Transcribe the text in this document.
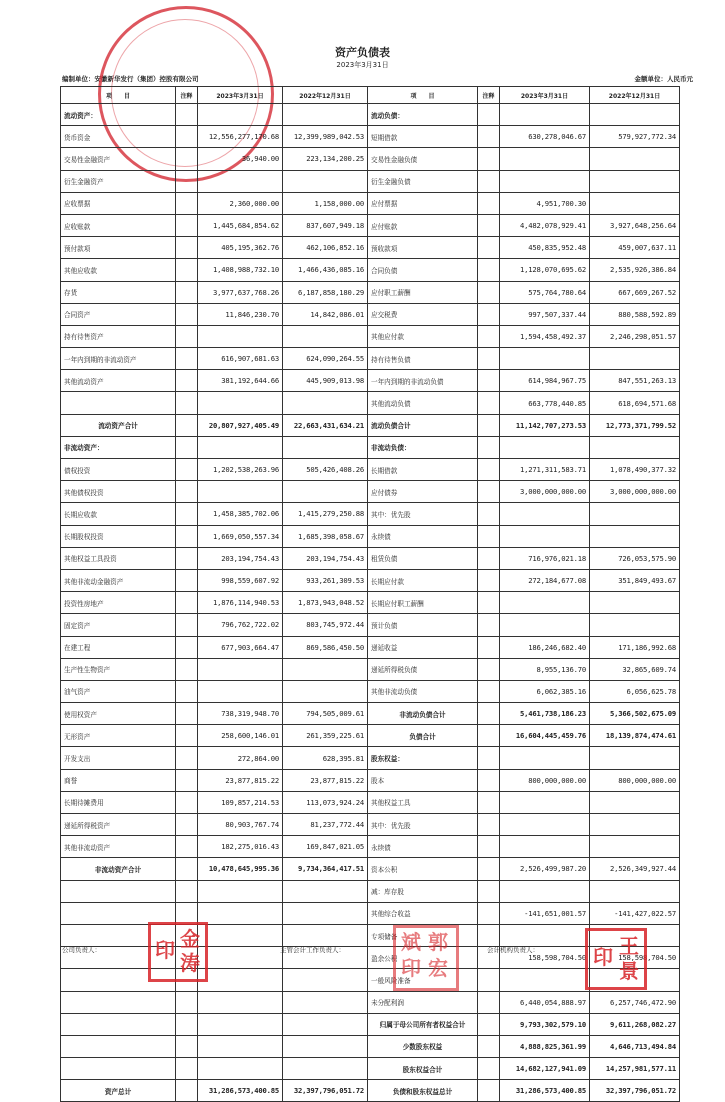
资产负债表
2023年3月31日
编制单位：安徽新华发行（集团）控股有限公司	金额单位：人民币元
项　　目	注释	2023年3月31日	2022年12月31日	项　　目	注释	2023年3月31日	2022年12月31日
流动资产：				流动负债：			
货币资金		12,556,277,170.68	12,399,989,042.53	短期借款		630,278,046.67	579,927,772.34
交易性金融资产		36,940.00	223,134,200.25	交易性金融负债			
衍生金融资产				衍生金融负债			
应收票据		2,360,000.00	1,158,000.00	应付票据		4,951,700.30	
应收账款		1,445,684,854.62	837,607,949.18	应付账款		4,482,078,929.41	3,927,648,256.64
预付款项		405,195,362.76	462,106,852.16	预收款项		450,835,952.48	459,007,637.11
其他应收款		1,408,988,732.10	1,466,436,085.16	合同负债		1,128,070,695.62	2,535,926,386.84
存货		3,977,637,768.26	6,187,858,180.29	应付职工薪酬		575,764,780.64	667,669,267.52
合同资产		11,846,230.70	14,842,086.01	应交税费		997,507,337.44	880,588,592.89
持有待售资产				其他应付款		1,594,458,492.37	2,246,298,051.57
一年内到期的非流动资产		616,907,681.63	624,090,264.55	持有待售负债			
其他流动资产		381,192,644.66	445,909,013.98	一年内到期的非流动负债		614,984,967.75	847,551,263.13
				其他流动负债		663,778,440.85	618,694,571.68
流动资产合计		20,807,927,405.49	22,663,431,634.21	流动负债合计		11,142,707,273.53	12,773,371,799.52
非流动资产：				非流动负债：			
债权投资		1,202,538,263.96	505,426,408.26	长期借款		1,271,311,583.71	1,078,490,377.32
其他债权投资				应付债券		3,000,000,000.00	3,000,000,000.00
长期应收款		1,458,385,702.06	1,415,279,250.88	其中：优先股			
长期股权投资		1,669,050,557.34	1,685,398,058.67	永续债			
其他权益工具投资		203,194,754.43	203,194,754.43	租赁负债		716,976,021.18	726,053,575.90
其他非流动金融资产		998,559,607.92	933,261,309.53	长期应付款		272,184,677.08	351,849,493.67
投资性房地产		1,876,114,940.53	1,873,943,048.52	长期应付职工薪酬			
固定资产		796,762,722.02	803,745,972.44	预计负债			
在建工程		677,903,664.47	869,586,450.50	递延收益		186,246,682.40	171,186,992.68
生产性生物资产				递延所得税负债		8,955,136.70	32,865,609.74
油气资产				其他非流动负债		6,062,385.16	6,056,625.78
使用权资产		738,319,948.70	794,505,009.61	非流动负债合计		5,461,738,186.23	5,366,502,675.09
无形资产		258,600,146.01	261,359,225.61	负债合计		16,604,445,459.76	18,139,874,474.61
开发支出		272,864.00	628,395.81	股东权益：			
商誉		23,877,815.22	23,877,815.22	股本		800,000,000.00	800,000,000.00
长期待摊费用		109,857,214.53	113,073,924.24	其他权益工具			
递延所得税资产		80,903,767.74	81,237,772.44	其中：优先股			
其他非流动资产		182,275,016.43	169,847,021.05	永续债			
非流动资产合计		10,478,645,995.36	9,734,364,417.51	资本公积		2,526,499,987.20	2,526,349,927.44
				减：库存股			
				其他综合收益		-141,651,001.57	-141,427,022.57
				专项储备			
				盈余公积		158,598,704.50	158,598,704.50
				一般风险准备			
				未分配利润		6,440,054,888.97	6,257,746,472.90
				归属于母公司所有者权益合计		9,793,302,579.10	9,611,268,082.27
				少数股东权益		4,888,825,361.99	4,646,713,494.84
				股东权益合计		14,682,127,941.09	14,257,981,577.11
资产总计		31,286,573,400.85	32,397,796,051.72	负债和股东权益总计		31,286,573,400.85	32,397,796,051.72
公司负责人：	主管会计工作负责人：	会计机构负责人：
金
涛
印	郭
宏
斌
印
王
景
印
